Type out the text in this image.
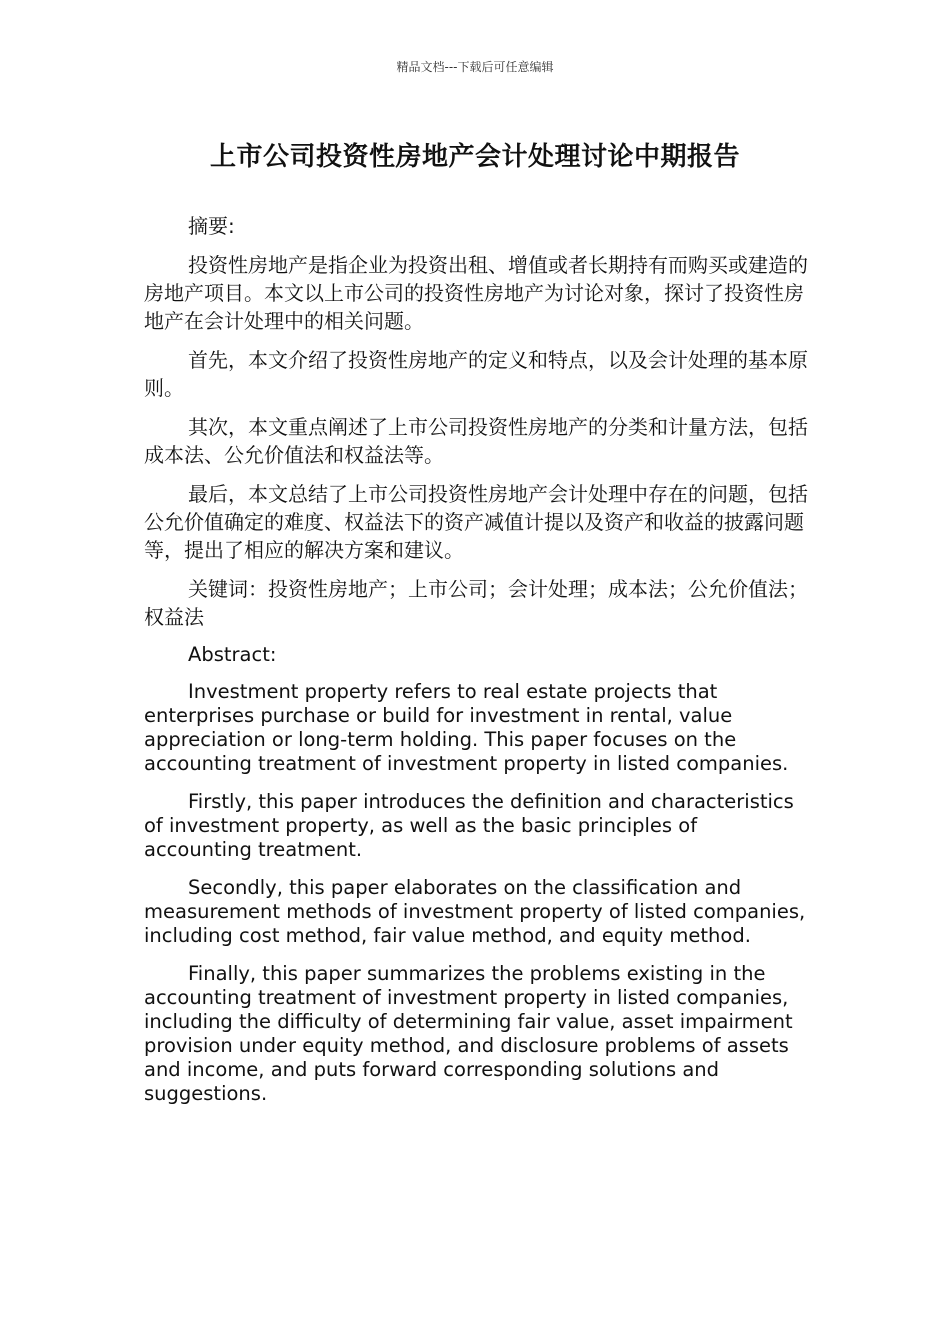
精品文档---下载后可任意编辑
上市公司投资性房地产会计处理讨论中期报告

摘要:

投资性房地产是指企业为投资出租、增值或者长期持有而购买或建造的房地产项目。本文以上市公司的投资性房地产为讨论对象，探讨了投资性房地产在会计处理中的相关问题。

首先，本文介绍了投资性房地产的定义和特点，以及会计处理的基本原则。

其次，本文重点阐述了上市公司投资性房地产的分类和计量方法，包括成本法、公允价值法和权益法等。

最后，本文总结了上市公司投资性房地产会计处理中存在的问题，包括公允价值确定的难度、权益法下的资产减值计提以及资产和收益的披露问题等，提出了相应的解决方案和建议。

关键词：投资性房地产；上市公司；会计处理；成本法；公允价值法；权益法

Abstract:

Investment property refers to real estate projects that enterprises purchase or build for investment in rental, value appreciation or long-term holding. This paper focuses on the accounting treatment of investment property in listed companies.

Firstly, this paper introduces the definition and characteristics of investment property, as well as the basic principles of accounting treatment.

Secondly, this paper elaborates on the classification and measurement methods of investment property of listed companies, including cost method, fair value method, and equity method.

Finally, this paper summarizes the problems existing in the accounting treatment of investment property in listed companies, including the difficulty of determining fair value, asset impairment provision under equity method, and disclosure problems of assets and income, and puts forward corresponding solutions and suggestions.
